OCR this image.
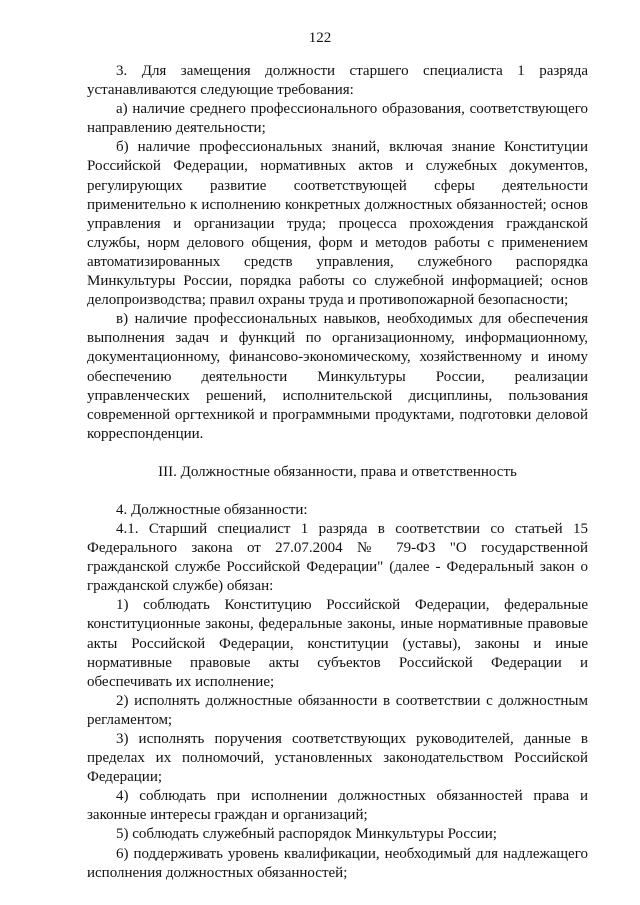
122

3. Для замещения должности старшего специалиста 1 разряда устанавливаются следующие требования:

а) наличие среднего профессионального образования, соответствующего направлению деятельности;

б) наличие профессиональных знаний, включая знание Конституции Российской Федерации, нормативных актов и служебных документов, регулирующих развитие соответствующей сферы деятельности применительно к исполнению конкретных должностных обязанностей; основ управления и организации труда; процесса прохождения гражданской службы, норм делового общения, форм и методов работы с применением автоматизированных средств управления, служебного распорядка Минкультуры России, порядка работы со служебной информацией; основ делопроизводства; правил охраны труда и противопожарной безопасности;

в) наличие профессиональных навыков, необходимых для обеспечения выполнения задач и функций по организационному, информационному, документационному, финансово-экономическому, хозяйственному и иному обеспечению деятельности Минкультуры России, реализации управленческих решений, исполнительской дисциплины, пользования современной оргтехникой и программными продуктами, подготовки деловой корреспонденции.

III. Должностные обязанности, права и ответственность

4. Должностные обязанности:

4.1. Старший специалист 1 разряда в соответствии со статьей 15 Федерального закона от 27.07.2004 № 79-ФЗ "О государственной гражданской службе Российской Федерации" (далее - Федеральный закон о гражданской службе) обязан:

1) соблюдать Конституцию Российской Федерации, федеральные конституционные законы, федеральные законы, иные нормативные правовые акты Российской Федерации, конституции (уставы), законы и иные нормативные правовые акты субъектов Российской Федерации и обеспечивать их исполнение;

2) исполнять должностные обязанности в соответствии с должностным регламентом;

3) исполнять поручения соответствующих руководителей, данные в пределах их полномочий, установленных законодательством Российской Федерации;

4) соблюдать при исполнении должностных обязанностей права и законные интересы граждан и организаций;

5) соблюдать служебный распорядок Минкультуры России;

6) поддерживать уровень квалификации, необходимый для надлежащего исполнения должностных обязанностей;
